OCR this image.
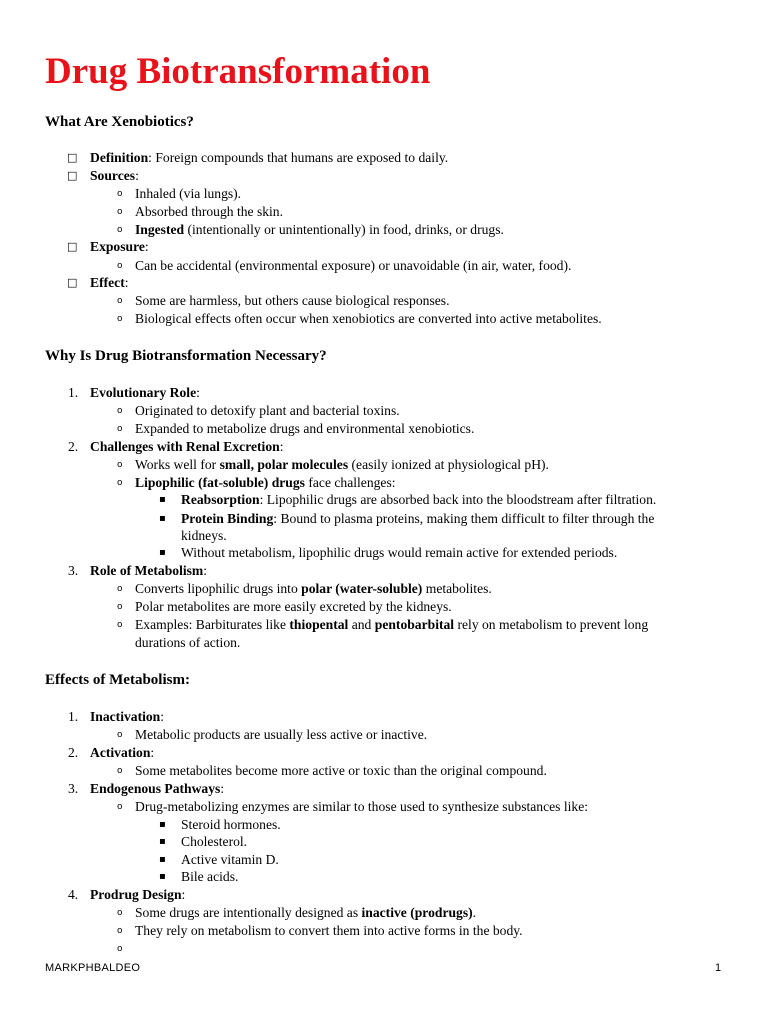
Drug Biotransformation
What Are Xenobiotics?
□ Definition: Foreign compounds that humans are exposed to daily.
□ Sources:
o Inhaled (via lungs).
o Absorbed through the skin.
o Ingested (intentionally or unintentionally) in food, drinks, or drugs.
□ Exposure:
o Can be accidental (environmental exposure) or unavoidable (in air, water, food).
□ Effect:
o Some are harmless, but others cause biological responses.
o Biological effects often occur when xenobiotics are converted into active metabolites.
Why Is Drug Biotransformation Necessary?
1. Evolutionary Role:
o Originated to detoxify plant and bacterial toxins.
o Expanded to metabolize drugs and environmental xenobiotics.
2. Challenges with Renal Excretion:
o Works well for small, polar molecules (easily ionized at physiological pH).
o Lipophilic (fat-soluble) drugs face challenges:
▪ Reabsorption: Lipophilic drugs are absorbed back into the bloodstream after filtration.
▪ Protein Binding: Bound to plasma proteins, making them difficult to filter through the
kidneys.
▪ Without metabolism, lipophilic drugs would remain active for extended periods.
3. Role of Metabolism:
o Converts lipophilic drugs into polar (water-soluble) metabolites.
o Polar metabolites are more easily excreted by the kidneys.
o Examples: Barbiturates like thiopental and pentobarbital rely on metabolism to prevent long
durations of action.
Effects of Metabolism:
1. Inactivation:
o Metabolic products are usually less active or inactive.
2. Activation:
o Some metabolites become more active or toxic than the original compound.
3. Endogenous Pathways:
o Drug-metabolizing enzymes are similar to those used to synthesize substances like:
▪ Steroid hormones.
▪ Cholesterol.
▪ Active vitamin D.
▪ Bile acids.
4. Prodrug Design:
o Some drugs are intentionally designed as inactive (prodrugs).
o They rely on metabolism to convert them into active forms in the body.
o
MARKPHBALDEO	1
